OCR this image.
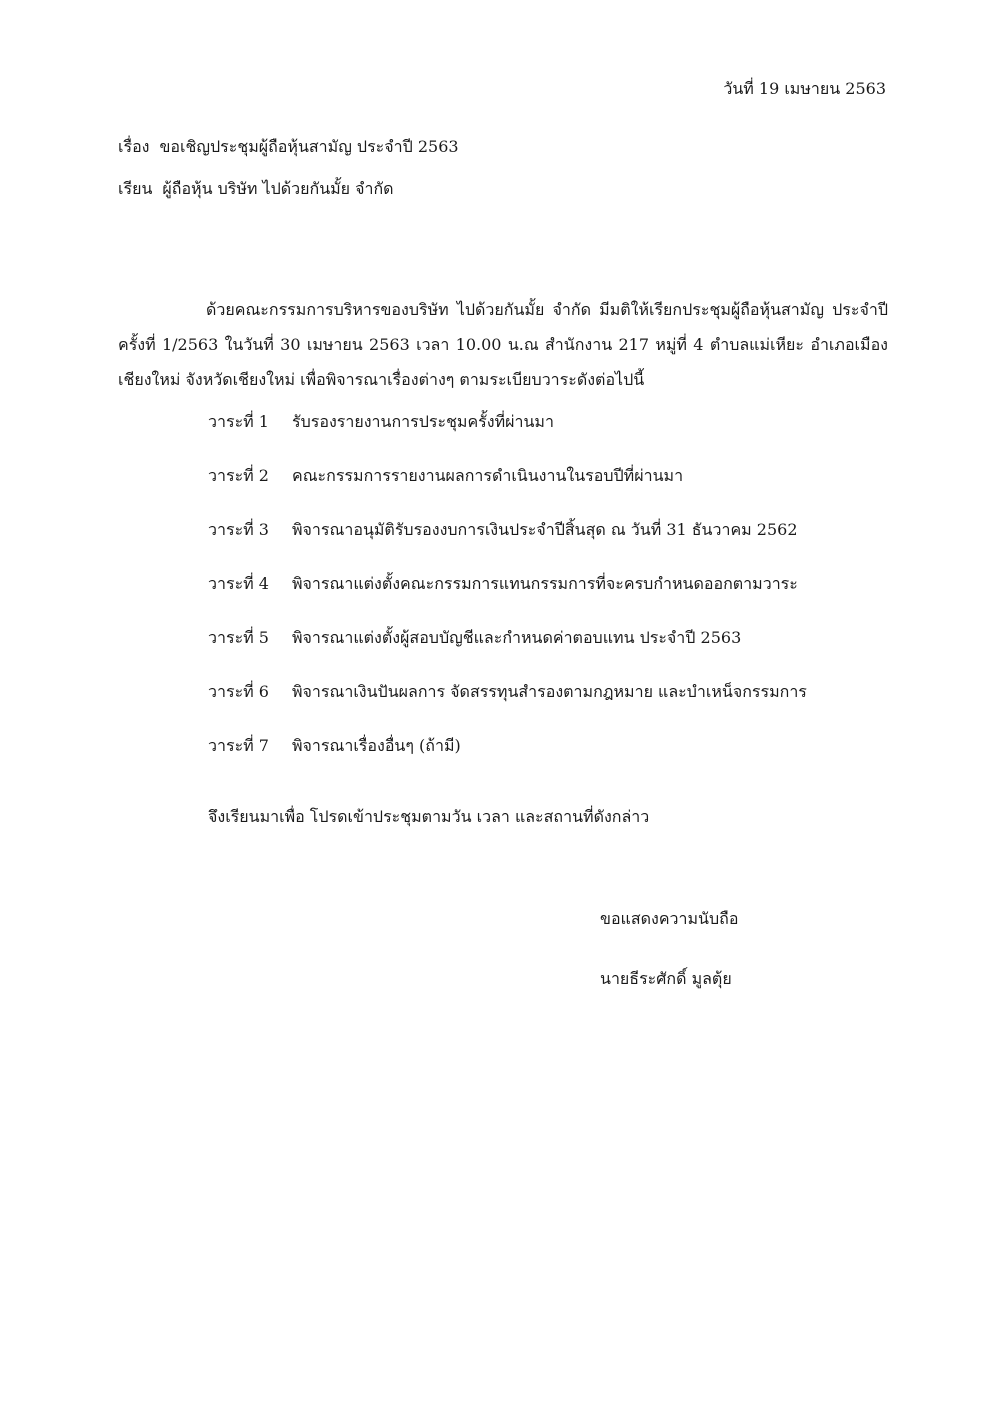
วันที่ 19 เมษายน 2563
เรื่อง ขอเชิญประชุมผู้ถือหุ้นสามัญ ประจำปี 2563
เรียน ผู้ถือหุ้น บริษัท ไปด้วยกันมั้ย จำกัด
ด้วยคณะกรรมการบริหารของบริษัท ไปด้วยกันมั้ย จำกัด มีมติให้เรียกประชุมผู้ถือหุ้นสามัญ ประจำปี ครั้งที่ 1/2563 ในวันที่ 30 เมษายน 2563 เวลา 10.00 น.ณ สำนักงาน 217 หมู่ที่ 4 ตำบลแม่เหียะ อำเภอเมืองเชียงใหม่ จังหวัดเชียงใหม่ เพื่อพิจารณาเรื่องต่างๆ ตามระเบียบวาระดังต่อไปนี้
วาระที่ 1	รับรองรายงานการประชุมครั้งที่ผ่านมา
วาระที่ 2	คณะกรรมการรายงานผลการดำเนินงานในรอบปีที่ผ่านมา
วาระที่ 3	พิจารณาอนุมัติรับรองงบการเงินประจำปีสิ้นสุด ณ วันที่ 31 ธันวาคม 2562
วาระที่ 4	พิจารณาแต่งตั้งคณะกรรมการแทนกรรมการที่จะครบกำหนดออกตามวาระ
วาระที่ 5	พิจารณาแต่งตั้งผู้สอบบัญชีและกำหนดค่าตอบแทน ประจำปี 2563
วาระที่ 6	พิจารณาเงินปันผลการ จัดสรรทุนสำรองตามกฎหมาย และบำเหน็จกรรมการ
วาระที่ 7	พิจารณาเรื่องอื่นๆ (ถ้ามี)
จึงเรียนมาเพื่อ โปรดเข้าประชุมตามวัน เวลา และสถานที่ดังกล่าว
ขอแสดงความนับถือ
นายธีระศักดิ์ มูลตุ้ย
